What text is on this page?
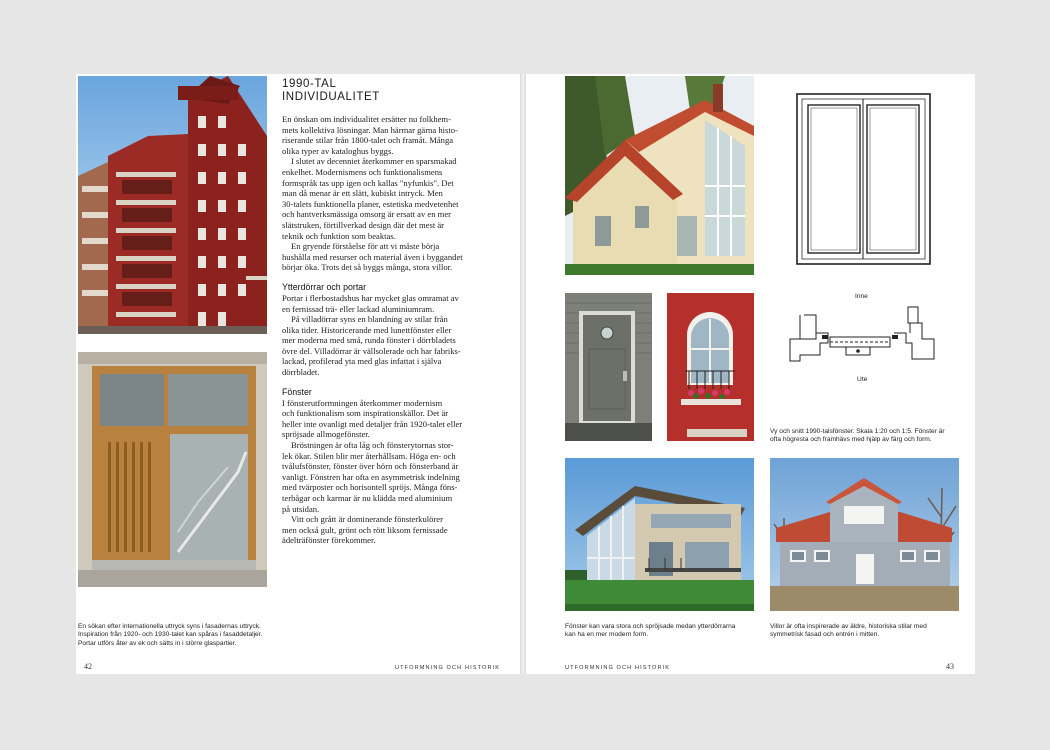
1990-TAL
INDIVIDUALITET
En önskan om individualitet ersätter nu folkhem-
mets kollektiva lösningar. Man härmar gärna histo-
riserande stilar från 1800-talet och framåt. Många
olika typer av kataloghus byggs.
I slutet av decenniet återkommer en sparsmakad
enkelhet. Modernismens och funktionalismens
formspråk tas upp igen och kallas "nyfunkis". Det
man då menar är ett slätt, kubiskt intryck. Men
30-talets funktionella planer, estetiska medvetenhet
och hantverksmässiga omsorg är ersatt av en mer
slätstruken, förtillverkad design där det mest är
teknik och funktion som beaktas.
En gryende förståelse för att vi måste börja
hushålla med resurser och material även i byggandet
börjar öka. Trots det så byggs många, stora villor.
Ytterdörrar och portar
Portar i flerbostadshus har mycket glas omramat av
en fernissad trä- eller lackad aluminiumram.
På villadörrar syns en blandning av stilar från
olika tider. Historicerande med lunettfönster eller
mer moderna med små, runda fönster i dörrbladets
övre del. Villadörrar är vällsolerade och har fabriks-
lackad, profilerad yta med glas infattat i själva
dörrbladet.
Fönster
I fönsterutformningen återkommer modernism
och funktionalism som inspirationskällor. Det är
heller inte ovanligt med detaljer från 1920-talet eller
spröjsade allmogefönster.
Bröstningen är ofta låg och fönsterytornas stor-
lek ökar. Stilen blir mer återhållsam. Höga en- och
tvålufsfönster, fönster över hörn och fönsterband är
vanligt. Fönstren har ofta en asymmetrisk indelning
med tvärposter och horisontell spröjs. Många föns-
terbågar och karmar är nu klädda med aluminium
på utsidan.
Vitt och grått är dominerande fönsterkulörer
men också gult, grönt och rött liksom fernissade
ädelträfönster förekommer.
En sökan efter internationella uttryck syns i fasadernas uttryck.
Inspiration från 1920- och 1930-talet kan spåras i fasaddetaljer.
Portar utförs åter av ek och sätts in i större glaspartier.
42	UTFORMNING OCH HISTORIK
Inne
Ute
Vy och snitt 1990-talsfönster. Skala 1:20 och 1:5. Fönster är
ofta högresta och framhävs med hjälp av färg och form.
Fönster kan vara stora och spröjsade medan ytterdörrarna
kan ha en mer modern form.
Villor är ofta inspirerade av äldre, historiska stilar med
symmetrisk fasad och entrén i mitten.
UTFORMNING OCH HISTORIK	43
